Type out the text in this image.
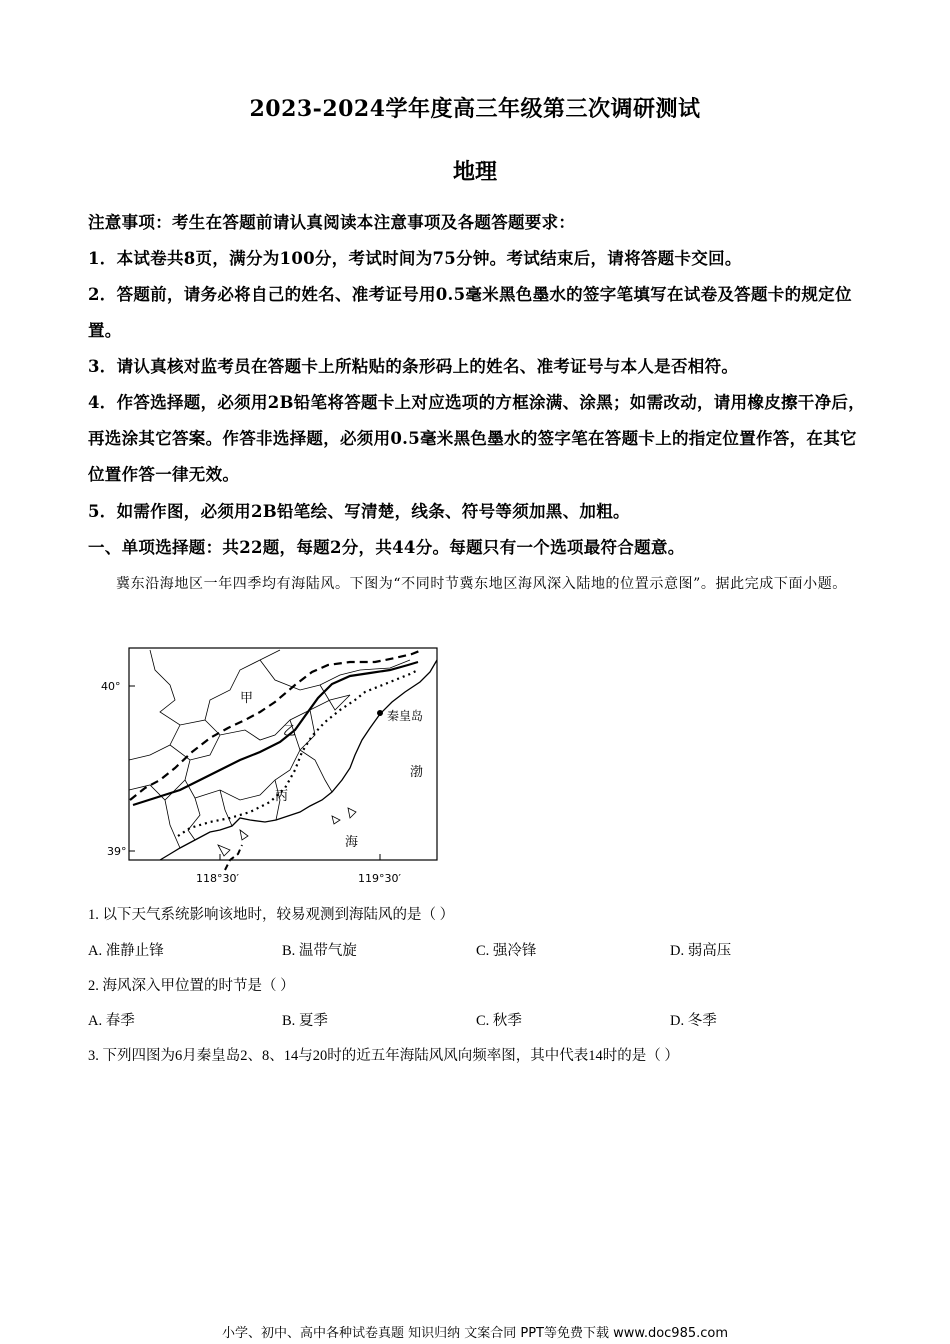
2023-2024学年度高三年级第三次调研测试
地理
注意事项：考生在答题前请认真阅读本注意事项及各题答题要求：
1．本试卷共8页，满分为100分，考试时间为75分钟。考试结束后，请将答题卡交回。
2．答题前，请务必将自己的姓名、准考证号用0.5毫米黑色墨水的签字笔填写在试卷及答题卡的规定位置。
3．请认真核对监考员在答题卡上所粘贴的条形码上的姓名、准考证号与本人是否相符。
4．作答选择题，必须用2B铅笔将答题卡上对应选项的方框涂满、涂黑；如需改动，请用橡皮擦干净后，再选涂其它答案。作答非选择题，必须用0.5毫米黑色墨水的签字笔在答题卡上的指定位置作答，在其它位置作答一律无效。
5．如需作图，必须用2B铅笔绘、写清楚，线条、符号等须加黑、加粗。
一、单项选择题：共22题，每题2分，共44分。每题只有一个选项最符合题意。
冀东沿海地区一年四季均有海陆风。下图为“不同时节冀东地区海风深入陆地的位置示意图”。据此完成下面小题。
40°
39°
118°30′	119°30′
甲
乙
丙
秦皇岛
渤
海
1. 以下天气系统影响该地时，较易观测到海陆风的是（ ）
A. 准静止锋	B. 温带气旋	C. 强冷锋	D. 弱高压
2. 海风深入甲位置的时节是（ ）
A. 春季	B. 夏季	C. 秋季	D. 冬季
3. 下列四图为6月秦皇岛2、8、14与20时的近五年海陆风风向频率图，其中代表14时的是（ ）
小学、初中、高中各种试卷真题 知识归纳 文案合同 PPT等免费下载 www.doc985.com
